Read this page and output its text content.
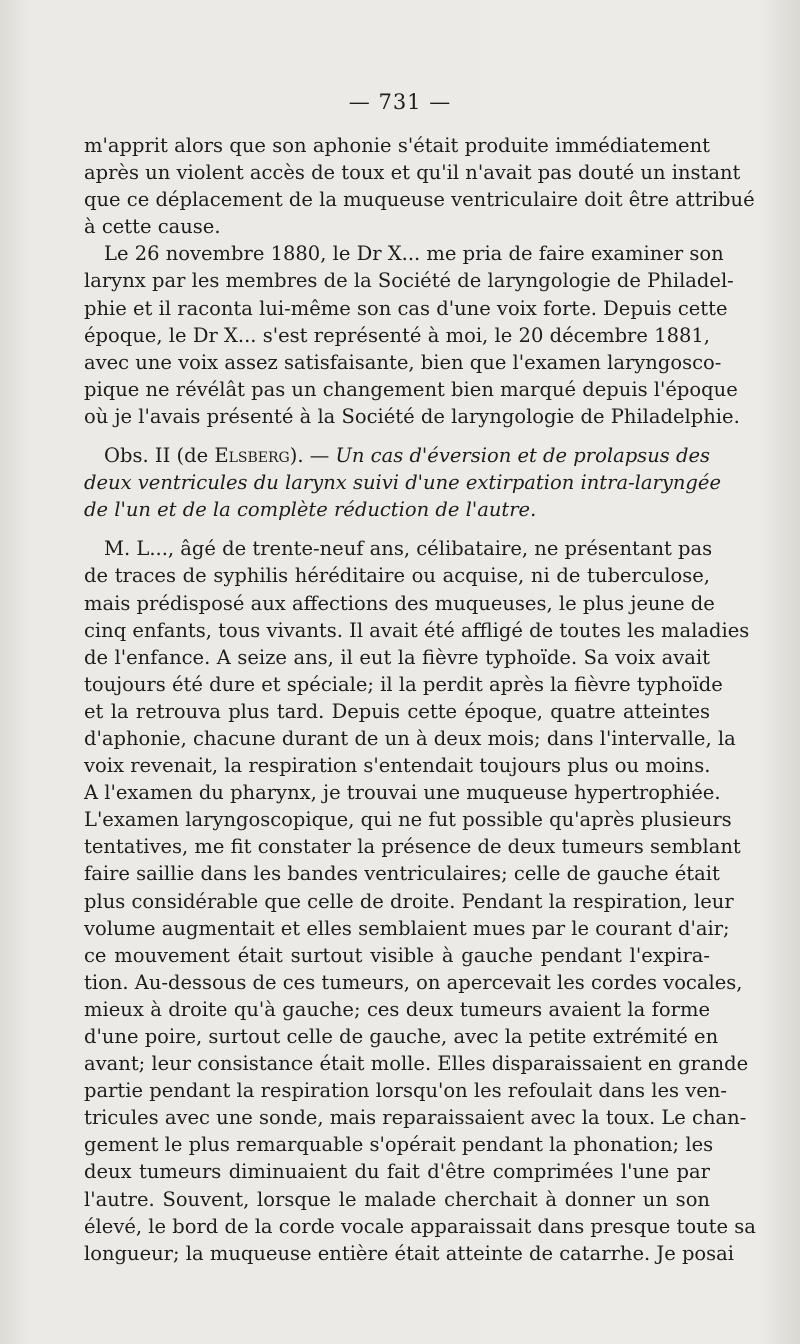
— 731 —
m'apprit alors que son aphonie s'était produite immédiatement
après un violent accès de toux et qu'il n'avait pas douté un instant
que ce déplacement de la muqueuse ventriculaire doit être attribué
à cette cause.
Le 26 novembre 1880, le Dr X... me pria de faire examiner son
larynx par les membres de la Société de laryngologie de Philadel-
phie et il raconta lui-même son cas d'une voix forte. Depuis cette
époque, le Dr X... s'est représenté à moi, le 20 décembre 1881,
avec une voix assez satisfaisante, bien que l'examen laryngosco-
pique ne révélât pas un changement bien marqué depuis l'époque
où je l'avais présenté à la Société de laryngologie de Philadelphie.
Obs. II (de Elsberg). — Un cas d'éversion et de prolapsus des
deux ventricules du larynx suivi d'une extirpation intra-laryngée
de l'un et de la complète réduction de l'autre.
M. L..., âgé de trente-neuf ans, célibataire, ne présentant pas
de traces de syphilis héréditaire ou acquise, ni de tuberculose,
mais prédisposé aux affections des muqueuses, le plus jeune de
cinq enfants, tous vivants. Il avait été affligé de toutes les maladies
de l'enfance. A seize ans, il eut la fièvre typhoïde. Sa voix avait
toujours été dure et spéciale; il la perdit après la fièvre typhoïde
et la retrouva plus tard. Depuis cette époque, quatre atteintes
d'aphonie, chacune durant de un à deux mois; dans l'intervalle, la
voix revenait, la respiration s'entendait toujours plus ou moins.
A l'examen du pharynx, je trouvai une muqueuse hypertrophiée.
L'examen laryngoscopique, qui ne fut possible qu'après plusieurs
tentatives, me fit constater la présence de deux tumeurs semblant
faire saillie dans les bandes ventriculaires; celle de gauche était
plus considérable que celle de droite. Pendant la respiration, leur
volume augmentait et elles semblaient mues par le courant d'air;
ce mouvement était surtout visible à gauche pendant l'expira-
tion. Au-dessous de ces tumeurs, on apercevait les cordes vocales,
mieux à droite qu'à gauche; ces deux tumeurs avaient la forme
d'une poire, surtout celle de gauche, avec la petite extrémité en
avant; leur consistance était molle. Elles disparaissaient en grande
partie pendant la respiration lorsqu'on les refoulait dans les ven-
tricules avec une sonde, mais reparaissaient avec la toux. Le chan-
gement le plus remarquable s'opérait pendant la phonation; les
deux tumeurs diminuaient du fait d'être comprimées l'une par
l'autre. Souvent, lorsque le malade cherchait à donner un son
élevé, le bord de la corde vocale apparaissait dans presque toute sa
longueur; la muqueuse entière était atteinte de catarrhe. Je posai
